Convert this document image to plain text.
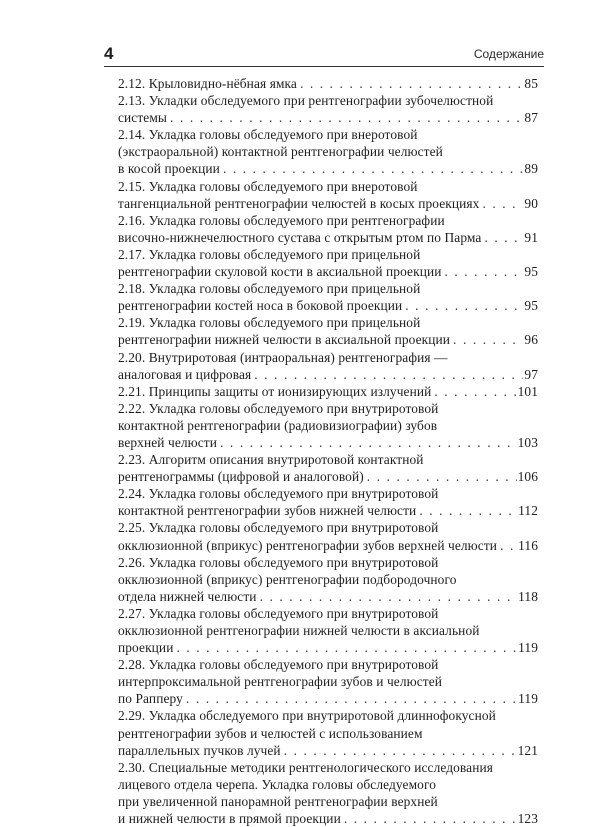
4	Содержание
2.12. Крыловидно-нёбная ямка . . .	85
2.13. Укладки обследуемого при рентгенографии зубочелюстной
системы . . .	87
2.14. Укладка головы обследуемого при внеротовой
(экстраоральной) контактной рентгенографии челюстей
в косой проекции . . .	89
2.15. Укладка головы обследуемого при внеротовой
тангенциальной рентгенографии челюстей в косых проекциях . . .	90
2.16. Укладка головы обследуемого при рентгенографии
височно-нижнечелюстного сустава с открытым ртом по Парма . . .	91
2.17. Укладка головы обследуемого при прицельной
рентгенографии скуловой кости в аксиальной проекции . . .	95
2.18. Укладка головы обследуемого при прицельной
рентгенографии костей носа в боковой проекции . . .	95
2.19. Укладка головы обследуемого при прицельной
рентгенографии нижней челюсти в аксиальной проекции . . .	96
2.20. Внутриротовая (интраоральная) рентгенография —
аналоговая и цифровая . . .	97
2.21. Принципы защиты от ионизирующих излучений . . .	101
2.22. Укладка головы обследуемого при внутриротовой
контактной рентгенографии (радиовизиографии) зубов
верхней челюсти . . .	103
2.23. Алгоритм описания внутриротовой контактной
рентгенограммы (цифровой и аналоговой) . . .	106
2.24. Укладка головы обследуемого при внутриротовой
контактной рентгенографии зубов нижней челюсти . . .	112
2.25. Укладка головы обследуемого при внутриротовой
окклюзионной (вприкус) рентгенографии зубов верхней челюсти . . . 116
2.26. Укладка головы обследуемого при внутриротовой
окклюзионной (вприкус) рентгенографии подбородочного
отдела нижней челюсти . . .	118
2.27. Укладка головы обследуемого при внутриротовой
окклюзионной рентгенографии нижней челюсти в аксиальной
проекции . . .	119
2.28. Укладка головы обследуемого при внутриротовой
интерпроксимальной рентгенографии зубов и челюстей
по Рапперу . . .	119
2.29. Укладка обследуемого при внутриротовой длиннофокусной
рентгенографии зубов и челюстей с использованием
параллельных пучков лучей . . .	121
2.30. Специальные методики рентгенологического исследования
лицевого отдела черепа. Укладка головы обследуемого
при увеличенной панорамной рентгенографии верхней
и нижней челюсти в прямой проекции . . .	123
